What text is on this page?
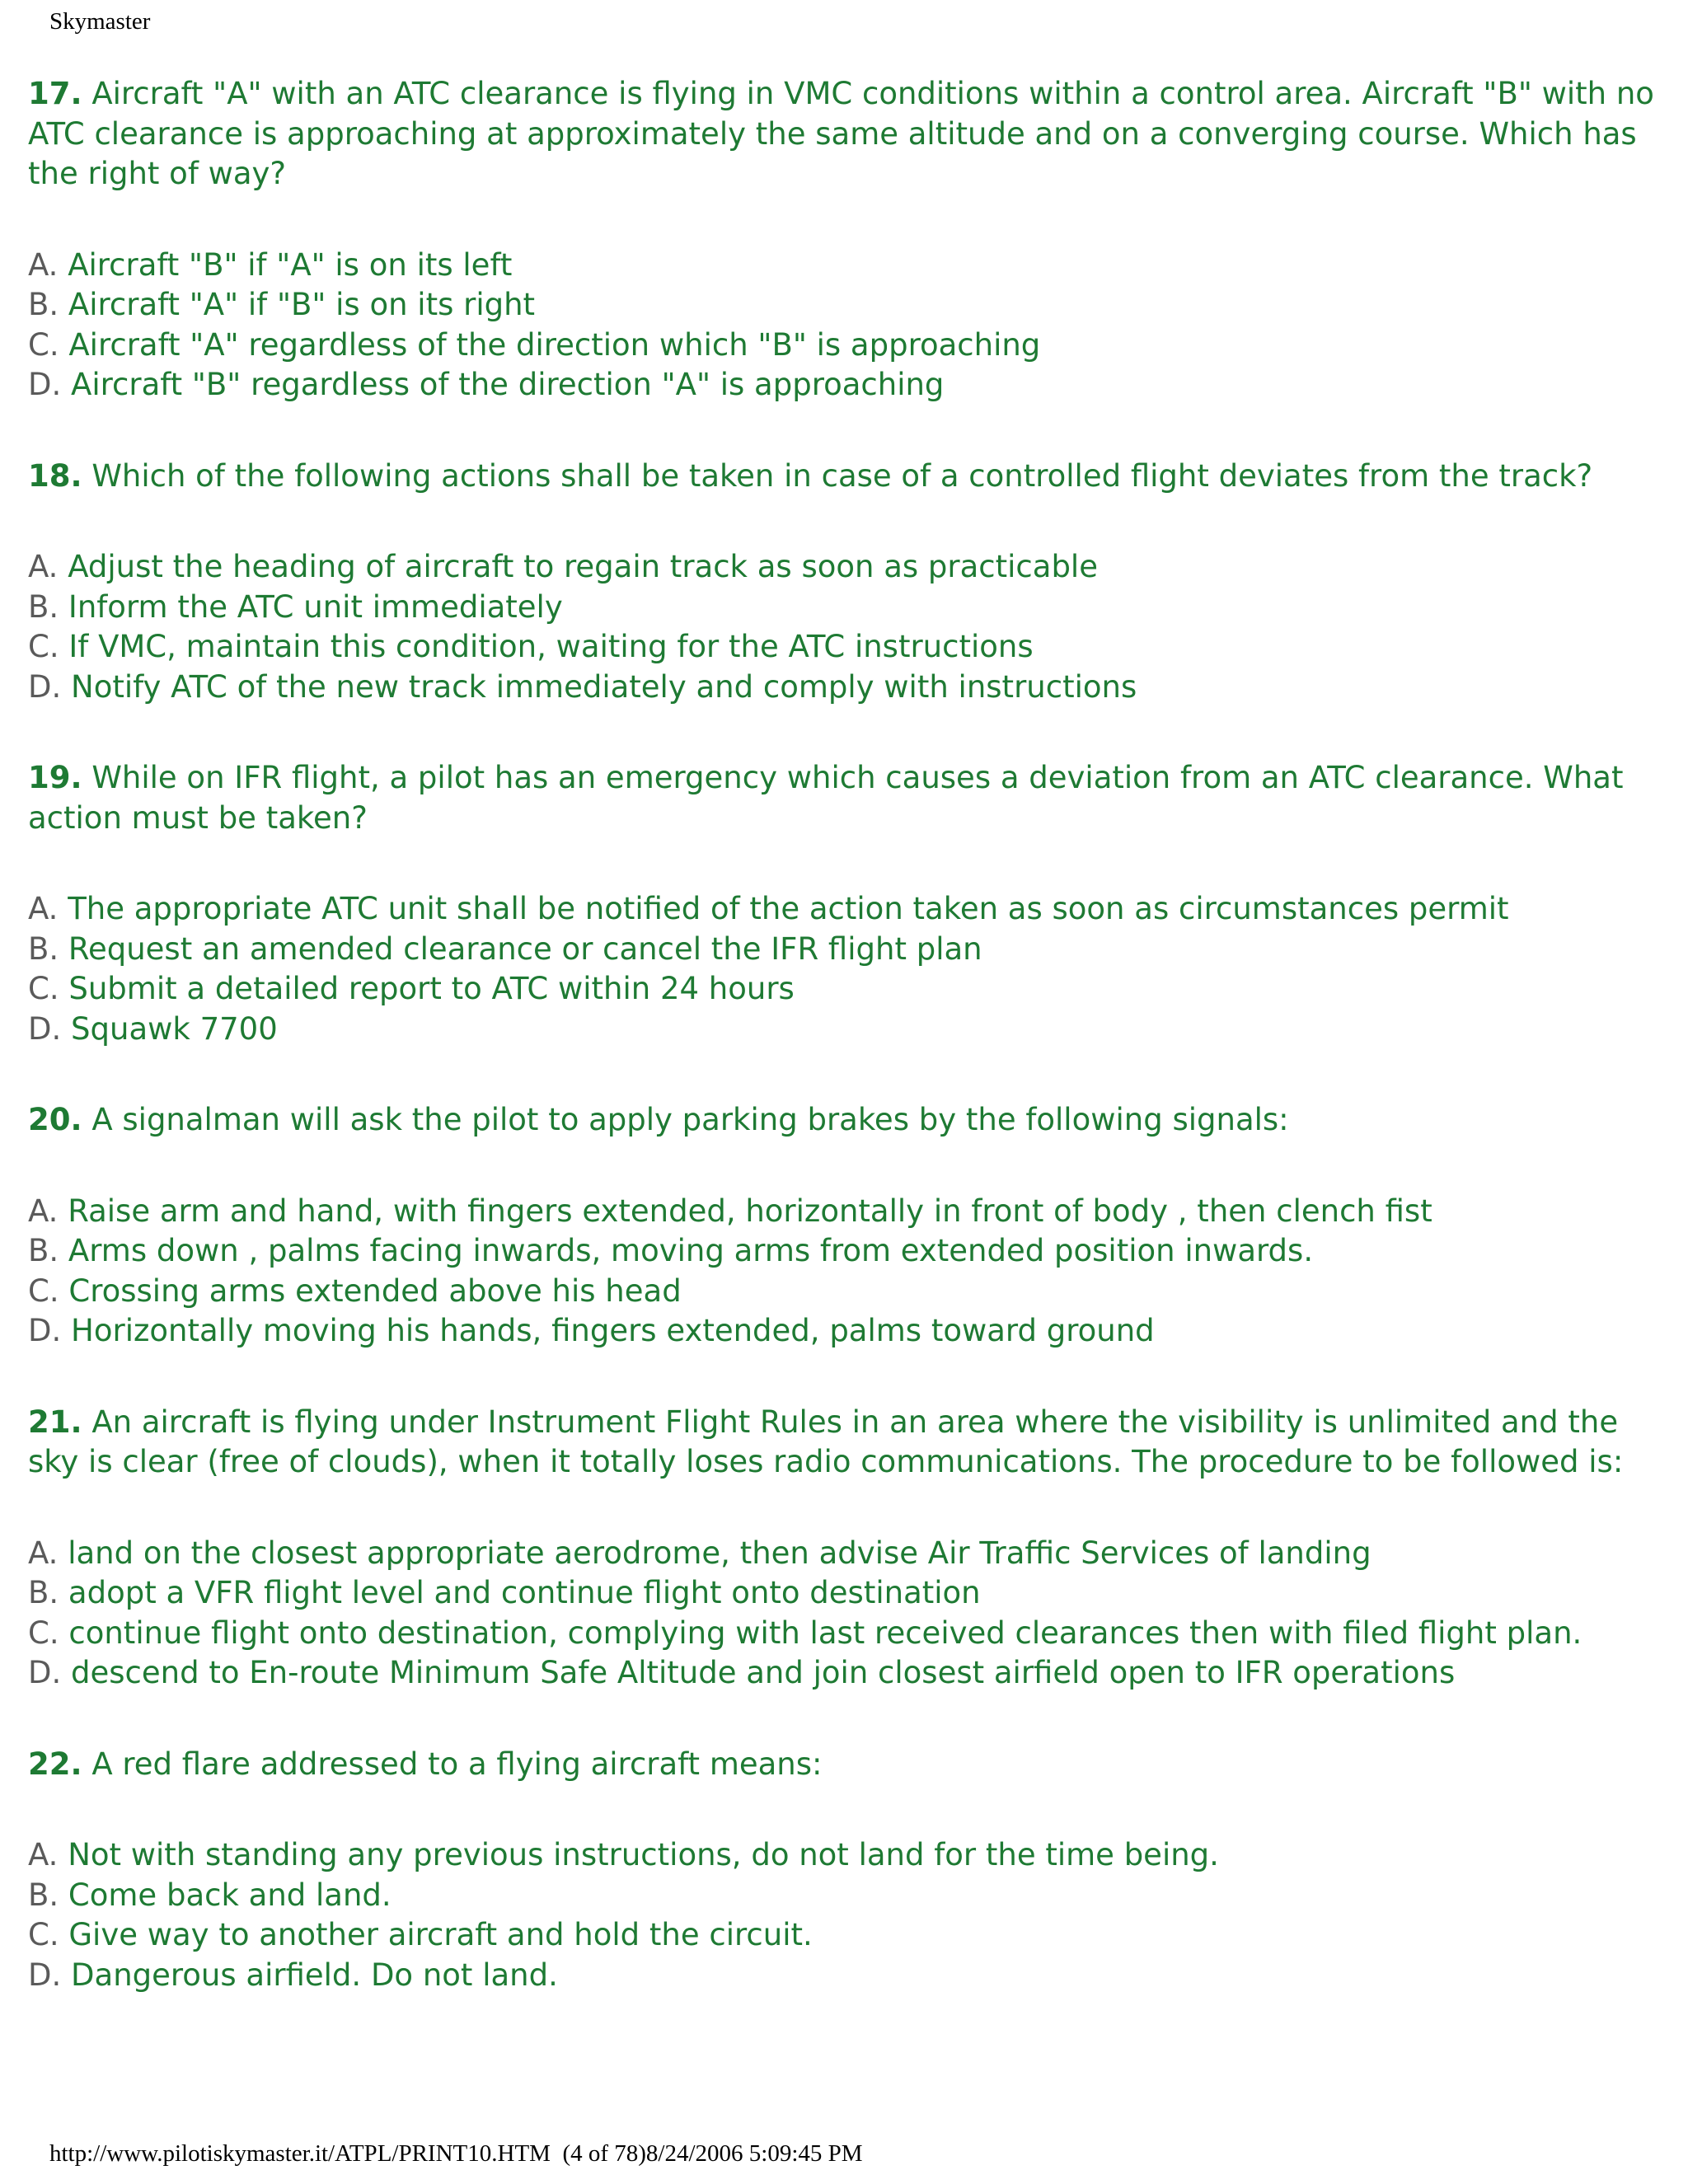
Skymaster
17. Aircraft "A" with an ATC clearance is flying in VMC conditions within a control area. Aircraft "B" with no ATC clearance is approaching at approximately the same altitude and on a converging course. Which has the right of way?
A. Aircraft "B" if "A" is on its left
B. Aircraft "A" if "B" is on its right
C. Aircraft "A" regardless of the direction which "B" is approaching
D. Aircraft "B" regardless of the direction "A" is approaching
18. Which of the following actions shall be taken in case of a controlled flight deviates from the track?
A. Adjust the heading of aircraft to regain track as soon as practicable
B. Inform the ATC unit immediately
C. If VMC, maintain this condition, waiting for the ATC instructions
D. Notify ATC of the new track immediately and comply with instructions
19. While on IFR flight, a pilot has an emergency which causes a deviation from an ATC clearance. What action must be taken?
A. The appropriate ATC unit shall be notified of the action taken as soon as circumstances permit
B. Request an amended clearance or cancel the IFR flight plan
C. Submit a detailed report to ATC within 24 hours
D. Squawk 7700
20. A signalman will ask the pilot to apply parking brakes by the following signals:
A. Raise arm and hand, with fingers extended, horizontally in front of body , then clench fist
B. Arms down , palms facing inwards, moving arms from extended position inwards.
C. Crossing arms extended above his head
D. Horizontally moving his hands, fingers extended, palms toward ground
21. An aircraft is flying under Instrument Flight Rules in an area where the visibility is unlimited and the sky is clear (free of clouds), when it totally loses radio communications. The procedure to be followed is:
A. land on the closest appropriate aerodrome, then advise Air Traffic Services of landing
B. adopt a VFR flight level and continue flight onto destination
C. continue flight onto destination, complying with last received clearances then with filed flight plan.
D. descend to En-route Minimum Safe Altitude and join closest airfield open to IFR operations
22. A red flare addressed to a flying aircraft means:
A. Not with standing any previous instructions, do not land for the time being.
B. Come back and land.
C. Give way to another aircraft and hold the circuit.
D. Dangerous airfield. Do not land.
http://www.pilotiskymaster.it/ATPL/PRINT10.HTM  (4 of 78)8/24/2006 5:09:45 PM
